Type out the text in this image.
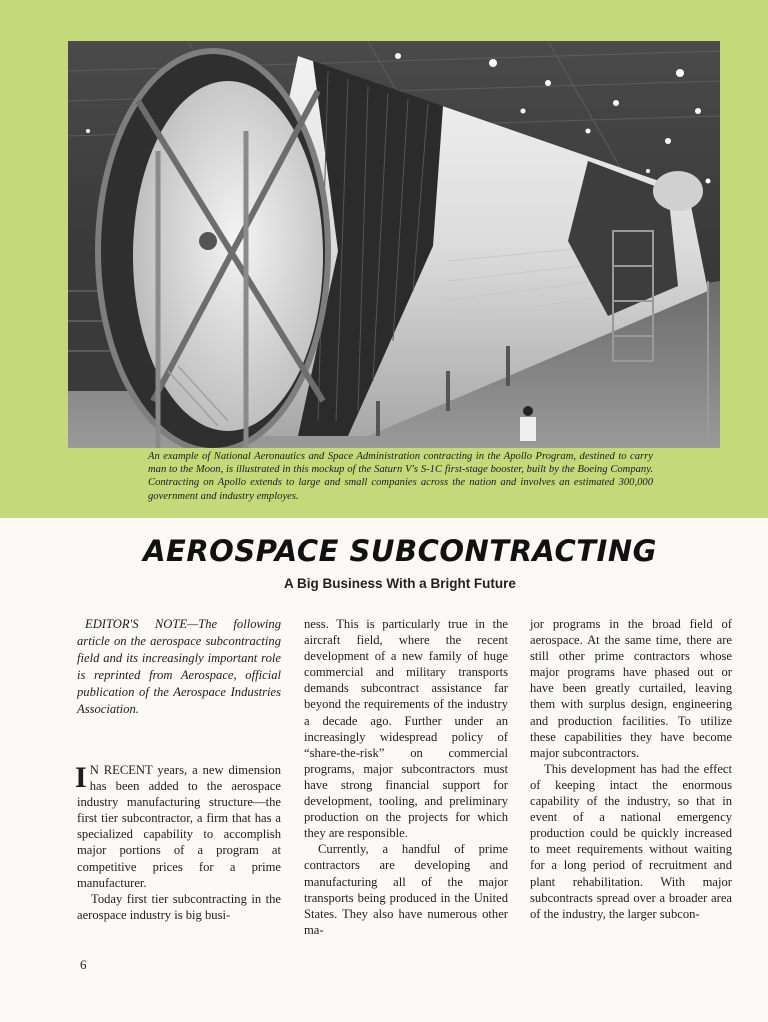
An example of National Aeronautics and Space Administration contracting in the Apollo Program, destined to carry man to the Moon, is illustrated in this mockup of the Saturn V's S-1C first-stage booster, built by the Boeing Company. Contracting on Apollo extends to large and small companies across the nation and involves an estimated 300,000 government and industry employes.
AEROSPACE SUBCONTRACTING
A Big Business With a Bright Future

EDITOR'S NOTE—The following article on the aerospace subcontracting field and its increasingly important role is reprinted from Aerospace, official publication of the Aerospace Industries Association.

I N RECENT years, a new dimension has been added to the aerospace industry manufacturing structure—the first tier subcontractor, a firm that has a specialized capability to accomplish major portions of a program at competitive prices for a prime manufacturer.

Today first tier subcontracting in the aerospace industry is big busi-

ness. This is particularly true in the aircraft field, where the recent development of a new family of huge commercial and military transports demands subcontract assistance far beyond the requirements of the industry a decade ago. Further under an increasingly widespread policy of “share-the-risk” on commercial programs, major subcontractors must have strong financial support for development, tooling, and preliminary production on the projects for which they are responsible.

Currently, a handful of prime contractors are developing and manufacturing all of the major transports being produced in the United States. They also have numerous other ma-

jor programs in the broad field of aerospace. At the same time, there are still other prime contractors whose major programs have phased out or have been greatly curtailed, leaving them with surplus design, engineering and production facilities. To utilize these capabilities they have become major subcontractors.

This development has had the effect of keeping intact the enormous capability of the industry, so that in event of a national emergency production could be quickly increased to meet requirements without waiting for a long period of recruitment and plant rehabilitation. With major subcontracts spread over a broader area of the industry, the larger subcon-

6
